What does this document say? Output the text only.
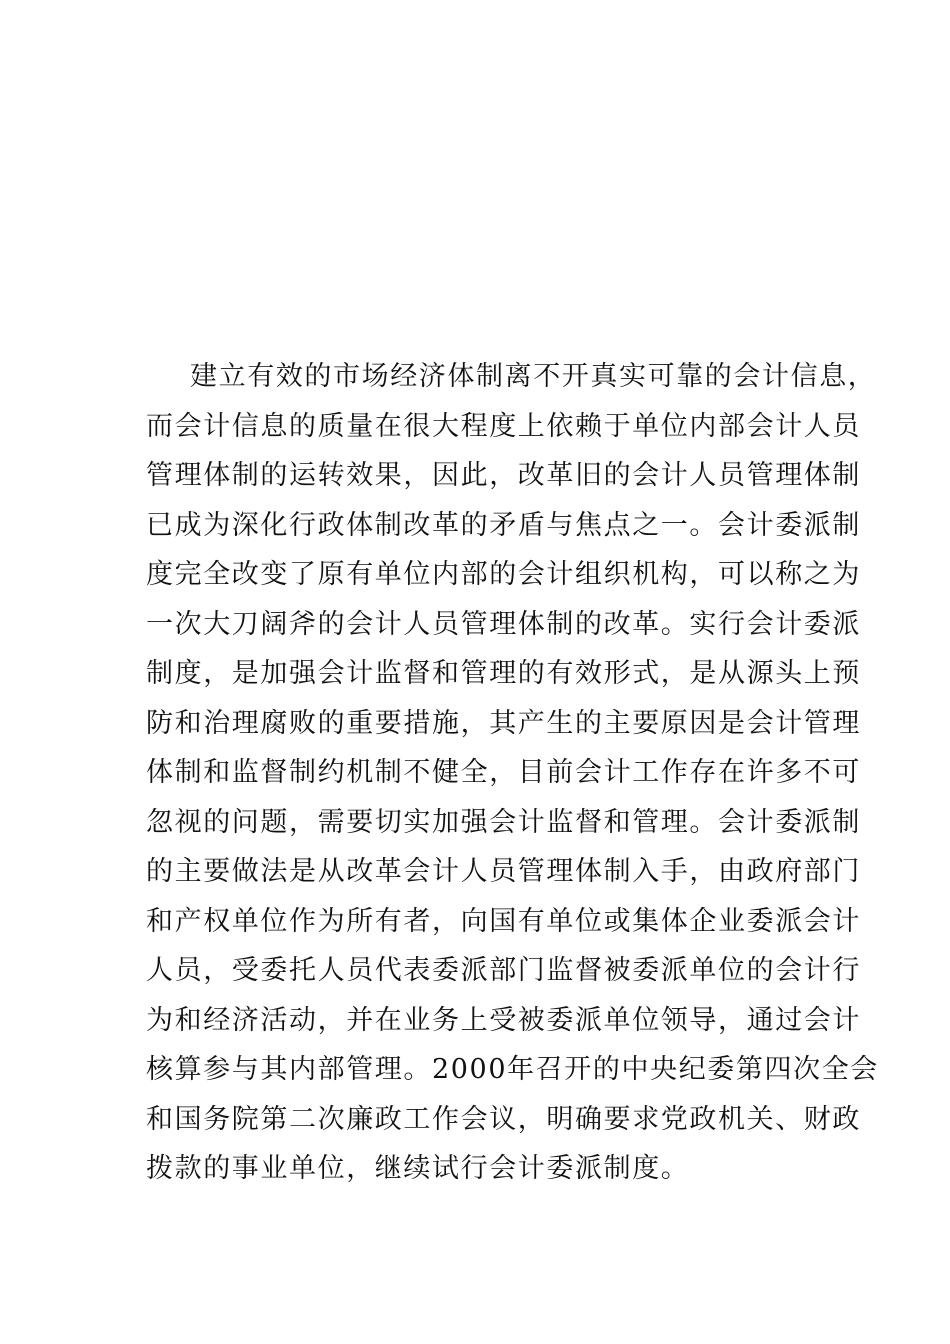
建立有效的市场经济体制离不开真实可靠的会计信息，
而会计信息的质量在很大程度上依赖于单位内部会计人员
管理体制的运转效果，因此，改革旧的会计人员管理体制
已成为深化行政体制改革的矛盾与焦点之一。会计委派制
度完全改变了原有单位内部的会计组织机构，可以称之为
一次大刀阔斧的会计人员管理体制的改革。实行会计委派
制度，是加强会计监督和管理的有效形式，是从源头上预
防和治理腐败的重要措施，其产生的主要原因是会计管理
体制和监督制约机制不健全，目前会计工作存在许多不可
忽视的问题，需要切实加强会计监督和管理。会计委派制
的主要做法是从改革会计人员管理体制入手，由政府部门
和产权单位作为所有者，向国有单位或集体企业委派会计
人员，受委托人员代表委派部门监督被委派单位的会计行
为和经济活动，并在业务上受被委派单位领导，通过会计
核算参与其内部管理。2000年召开的中央纪委第四次全会
和国务院第二次廉政工作会议，明确要求党政机关、财政
拨款的事业单位，继续试行会计委派制度。
